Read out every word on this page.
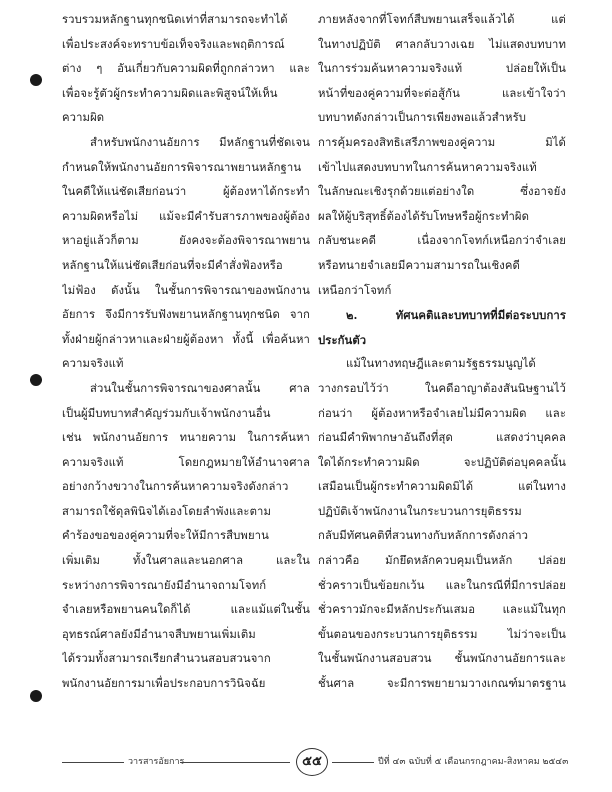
รวบรวมหลักฐานทุกชนิดเท่าที่สามารถจะทำได้
เพื่อประสงค์จะทราบข้อเท็จจริงและพฤติการณ์
ต่าง ๆ อันเกี่ยวกับความผิดที่ถูกกล่าวหา และ
เพื่อจะรู้ตัวผู้กระทำความผิดและพิสูจน์ให้เห็น
ความผิด

สำหรับพนักงานอัยการ มีหลักฐานที่ชัดเจน
กำหนดให้พนักงานอัยการพิจารณาพยานหลักฐาน
ในคดีให้แน่ชัดเสียก่อนว่า ผู้ต้องหาได้กระทำ
ความผิดหรือไม่ แม้จะมีคำรับสารภาพของผู้ต้อง
หาอยู่แล้วก็ตาม ยังคงจะต้องพิจารณาพยาน
หลักฐานให้แน่ชัดเสียก่อนที่จะมีคำสั่งฟ้องหรือ
ไม่ฟ้อง ดังนั้น ในชั้นการพิจารณาของพนักงาน
อัยการ จึงมีการรับฟังพยานหลักฐานทุกชนิด จาก
ทั้งฝ่ายผู้กล่าวหาและฝ่ายผู้ต้องหา ทั้งนี้ เพื่อค้นหา
ความจริงแท้

ส่วนในชั้นการพิจารณาของศาลนั้น ศาล
เป็นผู้มีบทบาทสำคัญร่วมกับเจ้าพนักงานอื่น
เช่น พนักงานอัยการ ทนายความ ในการค้นหา
ความจริงแท้ โดยกฎหมายให้อำนาจศาล
อย่างกว้างขวางในการค้นหาความจริงดังกล่าว
สามารถใช้ดุลพินิจได้เองโดยลำพังและตาม
คำร้องขอของคู่ความที่จะให้มีการสืบพยาน
เพิ่มเติม ทั้งในศาลและนอกศาล และใน
ระหว่างการพิจารณายังมีอำนาจถามโจทก์
จำเลยหรือพยานคนใดก็ได้ และแม้แต่ในชั้น
อุทธรณ์ศาลยังมีอำนาจสืบพยานเพิ่มเติม
ได้รวมทั้งสามารถเรียกสำนวนสอบสวนจาก
พนักงานอัยการมาเพื่อประกอบการวินิจฉัย

ภายหลังจากที่โจทก์สืบพยานเสร็จแล้วได้ แต่
ในทางปฏิบัติ ศาลกลับวางเฉย ไม่แสดงบทบาท
ในการร่วมค้นหาความจริงแท้ ปล่อยให้เป็น
หน้าที่ของคู่ความที่จะต่อสู้กัน และเข้าใจว่า
บทบาทดังกล่าวเป็นการเพียงพอแล้วสำหรับ
การคุ้มครองสิทธิเสรีภาพของคู่ความ มิได้
เข้าไปแสดงบทบาทในการค้นหาความจริงแท้
ในลักษณะเชิงรุกด้วยแต่อย่างใด ซึ่งอาจยัง
ผลให้ผู้บริสุทธิ์ต้องได้รับโทษหรือผู้กระทำผิด
กลับชนะคดี เนื่องจากโจทก์เหนือกว่าจำเลย
หรือทนายจำเลยมีความสามารถในเชิงคดี
เหนือกว่าโจทก์

๒. ทัศนคติและบทบาทที่มีต่อระบบการ
ประกันตัว

แม้ในทางทฤษฎีและตามรัฐธรรมนูญได้
วางกรอบไว้ว่า ในคดีอาญาต้องสันนิษฐานไว้
ก่อนว่า ผู้ต้องหาหรือจำเลยไม่มีความผิด และ
ก่อนมีคำพิพากษาอันถึงที่สุด แสดงว่าบุคคล
ใดได้กระทำความผิด จะปฏิบัติต่อบุคคลนั้น
เสมือนเป็นผู้กระทำความผิดมิได้ แต่ในทาง
ปฏิบัติเจ้าพนักงานในกระบวนการยุติธรรม
กลับมีทัศนคติที่สวนทางกับหลักการดังกล่าว
กล่าวคือ มักยึดหลักควบคุมเป็นหลัก ปล่อย
ชั่วคราวเป็นข้อยกเว้น และในกรณีที่มีการปล่อย
ชั่วคราวมักจะมีหลักประกันเสมอ และแม้ในทุก
ขั้นตอนของกระบวนการยุติธรรม ไม่ว่าจะเป็น
ในชั้นพนักงานสอบสวน ชั้นพนักงานอัยการและ
ชั้นศาล จะมีการพยายามวางเกณฑ์มาตรฐาน

วารสารอัยการ	๕๕	ปีที่ ๔๓ ฉบับที่ ๕ เดือนกรกฎาคม-สิงหาคม ๒๕๔๓
